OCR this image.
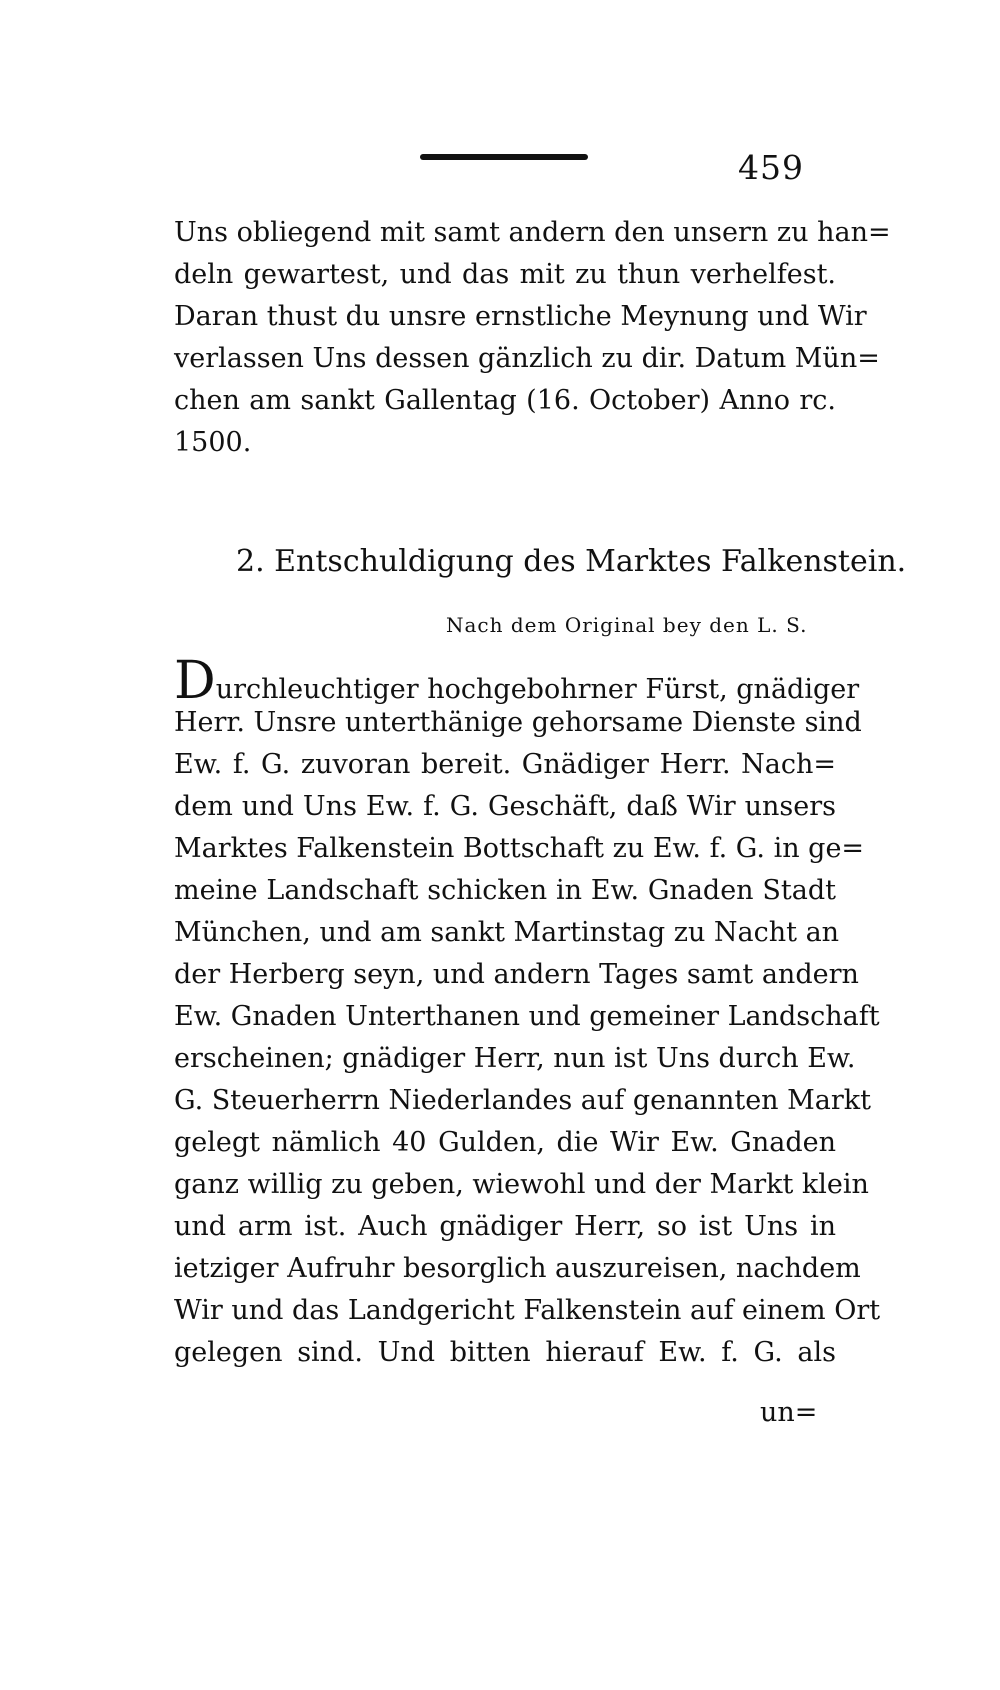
459
Uns obliegend mit samt andern den unsern zu han=
deln gewartest, und das mit zu thun verhelfest.
Daran thust du unsre ernstliche Meynung und Wir
verlassen Uns dessen gänzlich zu dir. Datum Mün=
chen am sankt Gallentag (16. October) Anno rc.
1500.
2. Entschuldigung des Marktes Falkenstein.
Nach dem Original bey den L. S.
Durchleuchtiger hochgebohrner Fürst, gnädiger
Herr. Unsre unterthänige gehorsame Dienste sind
Ew. f. G. zuvoran bereit. Gnädiger Herr. Nach=
dem und Uns Ew. f. G. Geschäft, daß Wir unsers
Marktes Falkenstein Bottschaft zu Ew. f. G. in ge=
meine Landschaft schicken in Ew. Gnaden Stadt
München, und am sankt Martinstag zu Nacht an
der Herberg seyn, und andern Tages samt andern
Ew. Gnaden Unterthanen und gemeiner Landschaft
erscheinen; gnädiger Herr, nun ist Uns durch Ew.
G. Steuerherrn Niederlandes auf genannten Markt
gelegt nämlich 40 Gulden, die Wir Ew. Gnaden
ganz willig zu geben, wiewohl und der Markt klein
und arm ist. Auch gnädiger Herr, so ist Uns in
ietziger Aufruhr besorglich auszureisen, nachdem
Wir und das Landgericht Falkenstein auf einem Ort
gelegen sind. Und bitten hierauf Ew. f. G. als
un=
